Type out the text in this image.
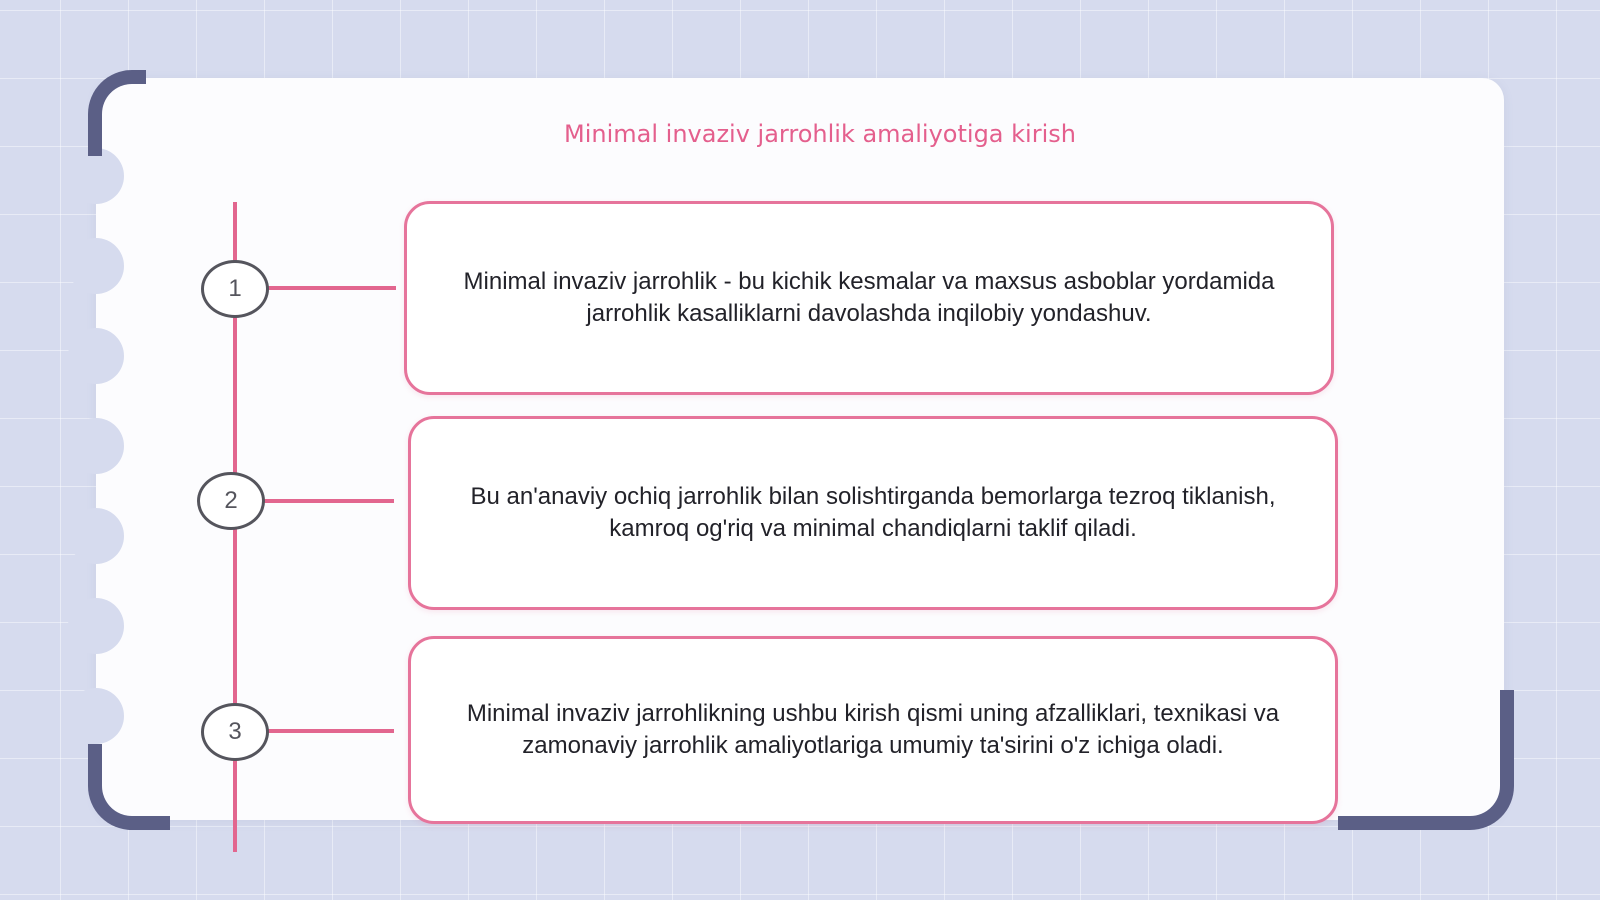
Minimal invaziv jarrohlik amaliyotiga kirish
1	Minimal invaziv jarrohlik - bu kichik kesmalar va maxsus asboblar yordamida jarrohlik kasalliklarni davolashda inqilobiy yondashuv.
2	Bu an'anaviy ochiq jarrohlik bilan solishtirganda bemorlarga tezroq tiklanish, kamroq og'riq va minimal chandiqlarni taklif qiladi.
3
Minimal invaziv jarrohlikning ushbu kirish qismi uning afzalliklari, texnikasi va zamonaviy jarrohlik amaliyotlariga umumiy ta'sirini o'z ichiga oladi.
